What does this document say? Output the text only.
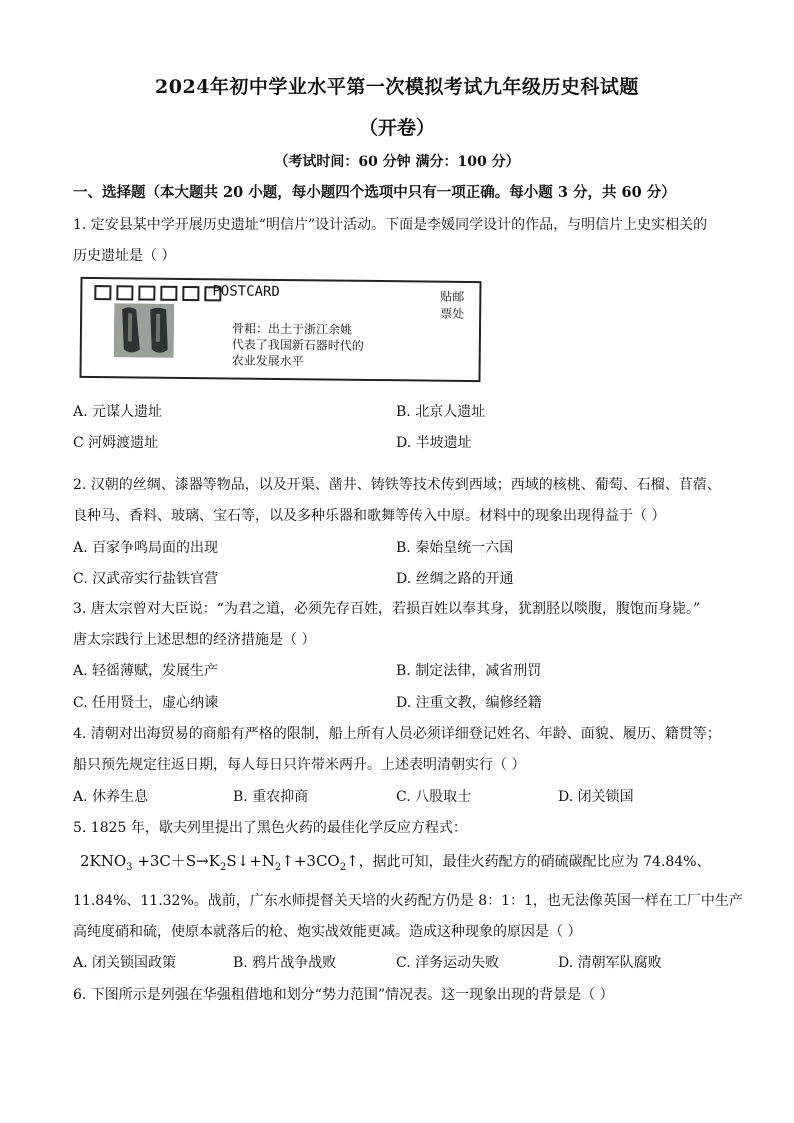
2024年初中学业水平第一次模拟考试九年级历史科试题
（开卷）
（考试时间：60 分钟 满分：100 分）
一、选择题（本大题共 20 小题，每小题四个选项中只有一项正确。每小题 3 分，共 60 分）
1. 定安县某中学开展历史遗址“明信片”设计活动。下面是李媛同学设计的作品，与明信片上史实相关的
历史遗址是（ ）
POSTCARD	贴邮
票处
骨耜：出土于浙江余姚
代表了我国新石器时代的
农业发展水平
A. 元谋人遗址	B. 北京人遗址
C 河姆渡遗址	D. 半坡遗址
2. 汉朝的丝绸、漆器等物品，以及开渠、凿井、铸铁等技术传到西域；西域的核桃、葡萄、石榴、苜蓿、
良种马、香料、玻璃、宝石等，以及多种乐器和歌舞等传入中原。材料中的现象出现得益于（ ）
A. 百家争鸣局面的出现	B. 秦始皇统一六国
C. 汉武帝实行盐铁官营	D. 丝绸之路的开通
3. 唐太宗曾对大臣说：“为君之道，必须先存百姓，若损百姓以奉其身，犹割胫以啖腹，腹饱而身毙。”
唐太宗践行上述思想的经济措施是（ ）
A. 轻徭薄赋，发展生产	B. 制定法律，减省刑罚
C. 任用贤士，虚心纳谏	D. 注重文教，编修经籍
4. 清朝对出海贸易的商船有严格的限制，船上所有人员必须详细登记姓名、年龄、面貌、履历、籍贯等；
船只预先规定往返日期，每人每日只许带米两升。上述表明清朝实行（ ）
A. 休养生息	B. 重农抑商	C. 八股取士	D. 闭关锁国
5. 1825 年，歇夫列里提出了黑色火药的最佳化学反应方程式：
$2KNO_3$ $+3C+S\to K_2S↓+N_2↑+3CO_2↑$，据此可知，最佳火药配方的硝硫碳配比应为 74.84%、
11.84%、11.32%。战前，广东水师提督关天培的火药配方仍是 8：1：1，也无法像英国一样在工厂中生产
高纯度硝和硫，使原本就落后的枪、炮实战效能更减。造成这种现象的原因是（ ）
A. 闭关锁国政策	B. 鸦片战争战败	C. 洋务运动失败	D. 清朝军队腐败
6. 下图所示是列强在华强租借地和划分“势力范围”情况表。这一现象出现的背景是（ ）
